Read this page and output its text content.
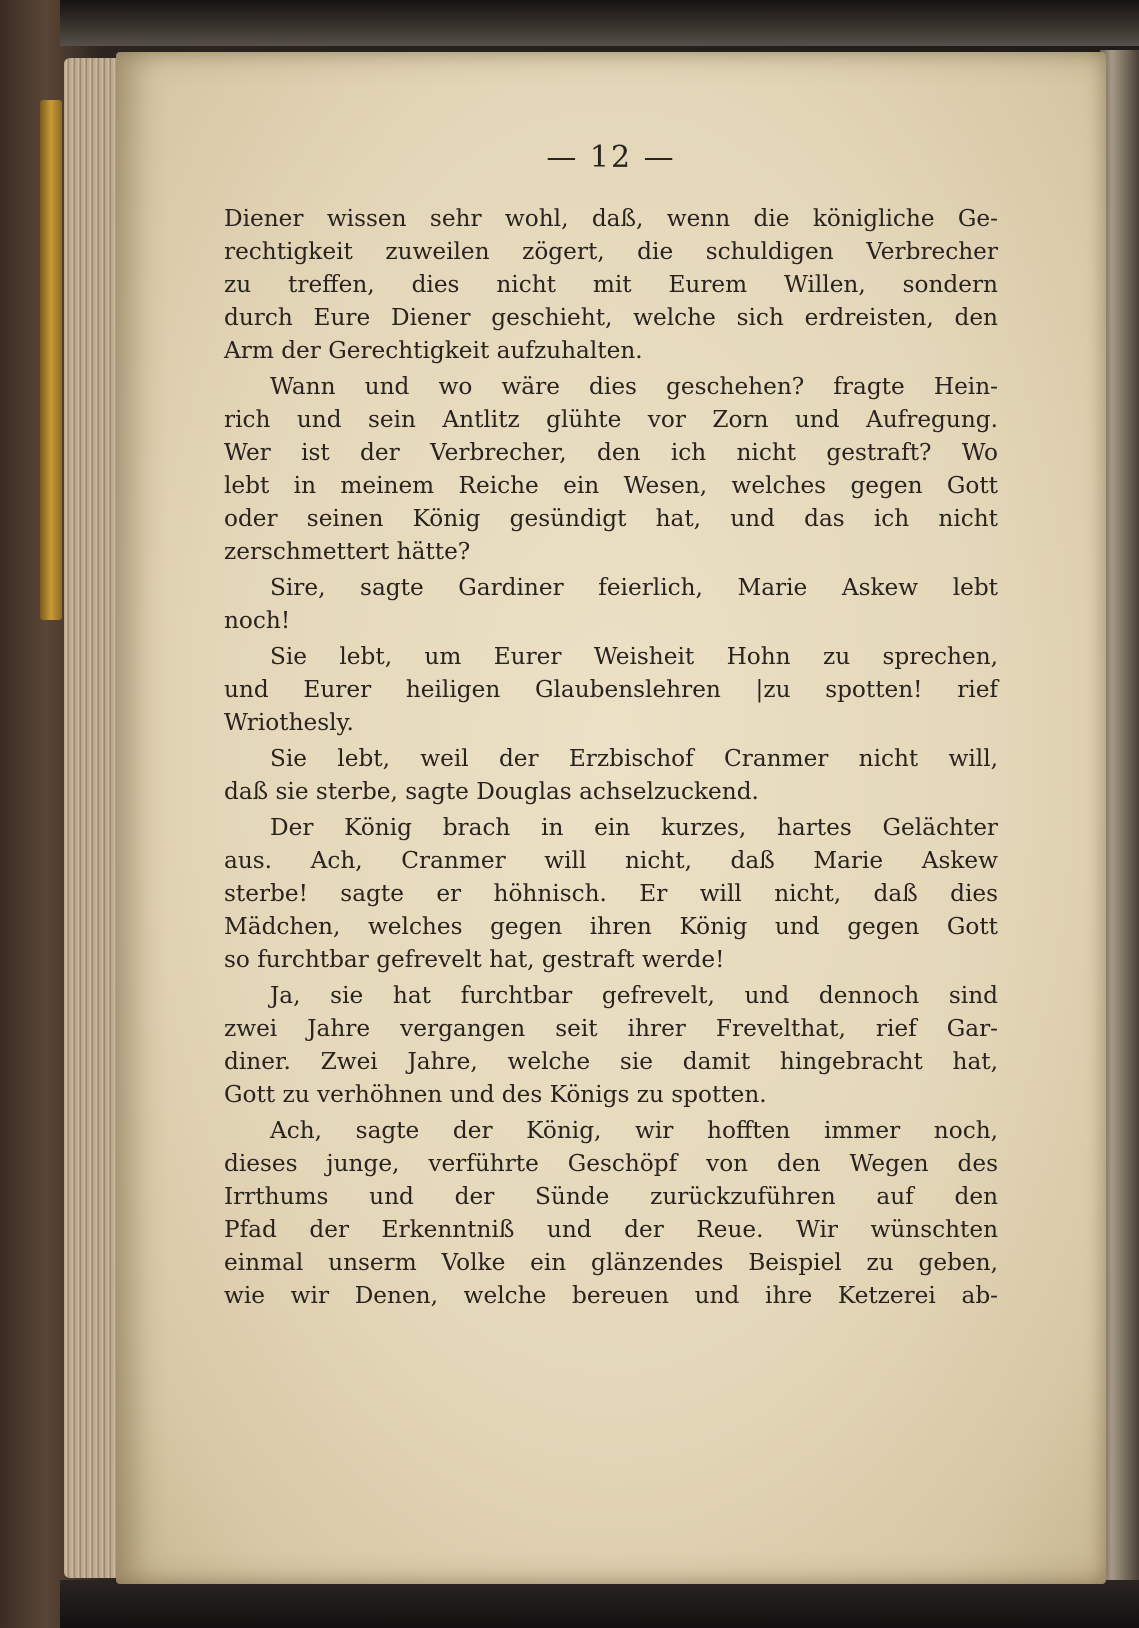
— 12 —

Diener wissen sehr wohl, daß, wenn die königliche Ge-
rechtigkeit zuweilen zögert, die schuldigen Verbrecher
zu treffen, dies nicht mit Eurem Willen, sondern
durch Eure Diener geschieht, welche sich erdreisten, den
Arm der Gerechtigkeit aufzuhalten.

Wann und wo wäre dies geschehen? fragte Hein-
rich und sein Antlitz glühte vor Zorn und Aufregung.
Wer ist der Verbrecher, den ich nicht gestraft? Wo
lebt in meinem Reiche ein Wesen, welches gegen Gott
oder seinen König gesündigt hat, und das ich nicht
zerschmettert hätte?

Sire, sagte Gardiner feierlich, Marie Askew lebt
noch!

Sie lebt, um Eurer Weisheit Hohn zu sprechen,
und Eurer heiligen Glaubenslehren |zu spotten! rief
Wriothesly.

Sie lebt, weil der Erzbischof Cranmer nicht will,
daß sie sterbe, sagte Douglas achselzuckend.

Der König brach in ein kurzes, hartes Gelächter
aus. Ach, Cranmer will nicht, daß Marie Askew
sterbe! sagte er höhnisch. Er will nicht, daß dies
Mädchen, welches gegen ihren König und gegen Gott
so furchtbar gefrevelt hat, gestraft werde!

Ja, sie hat furchtbar gefrevelt, und dennoch sind
zwei Jahre vergangen seit ihrer Frevelthat, rief Gar-
diner. Zwei Jahre, welche sie damit hingebracht hat,
Gott zu verhöhnen und des Königs zu spotten.

Ach, sagte der König, wir hofften immer noch,
dieses junge, verführte Geschöpf von den Wegen des
Irrthums und der Sünde zurückzuführen auf den
Pfad der Erkenntniß und der Reue. Wir wünschten
einmal unserm Volke ein glänzendes Beispiel zu geben,
wie wir Denen, welche bereuen und ihre Ketzerei ab-
